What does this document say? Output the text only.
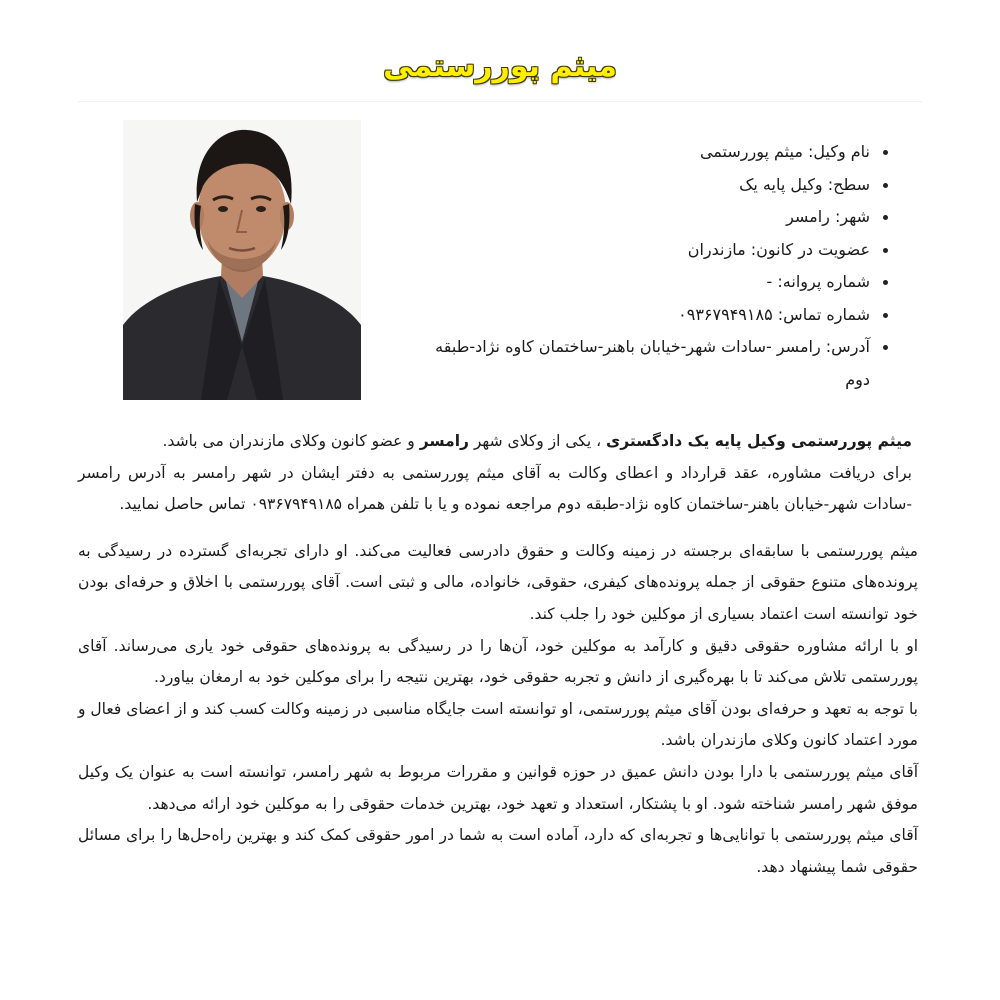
میثم پوررستمی
نام وکیل: میثم پوررستمی
سطح: وکیل پایه یک
شهر: رامسر
عضویت در کانون: مازندران
شماره پروانه: -
شماره تماس: ۰۹۳۶۷۹۴۹۱۸۵
آدرس: رامسر -سادات شهر-خیابان باهنر-ساختمان کاوه نژاد-طبقه دوم

میثم پوررستمی وکیل پایه یک دادگستری ، یکی از وکلای شهر رامسر و عضو کانون وکلای مازندران می باشد.
برای دریافت مشاوره، عقد قرارداد و اعطای وکالت به آقای میثم پوررستمی به دفتر ایشان در شهر رامسر به آدرس رامسر -سادات شهر-خیابان باهنر-ساختمان کاوه نژاد-طبقه دوم مراجعه نموده و یا با تلفن همراه ۰۹۳۶۷۹۴۹۱۸۵ تماس حاصل نمایید.

میثم پوررستمی با سابقه‌ای برجسته در زمینه وکالت و حقوق دادرسی فعالیت می‌کند. او دارای تجربه‌ای گسترده در رسیدگی به پرونده‌های متنوع حقوقی از جمله پرونده‌های کیفری، حقوقی، خانواده، مالی و ثبتی است. آقای پوررستمی با اخلاق و حرفه‌ای بودن خود توانسته است اعتماد بسیاری از موکلین خود را جلب کند.

او با ارائه مشاوره حقوقی دقیق و کارآمد به موکلین خود، آن‌ها را در رسیدگی به پرونده‌های حقوقی خود یاری می‌رساند. آقای پوررستمی تلاش می‌کند تا با بهره‌گیری از دانش و تجربه حقوقی خود، بهترین نتیجه را برای موکلین خود به ارمغان بیاورد.

با توجه به تعهد و حرفه‌ای بودن آقای میثم پوررستمی، او توانسته است جایگاه مناسبی در زمینه وکالت کسب کند و از اعضای فعال و مورد اعتماد کانون وکلای مازندران باشد.

آقای میثم پوررستمی با دارا بودن دانش عمیق در حوزه قوانین و مقررات مربوط به شهر رامسر، توانسته است به عنوان یک وکیل موفق شهر رامسر شناخته شود. او با پشتکار، استعداد و تعهد خود، بهترین خدمات حقوقی را به موکلین خود ارائه می‌دهد.

آقای میثم پوررستمی با توانایی‌ها و تجربه‌ای که دارد، آماده است به شما در امور حقوقی کمک کند و بهترین راه‌حل‌ها را برای مسائل حقوقی شما پیشنهاد دهد.
